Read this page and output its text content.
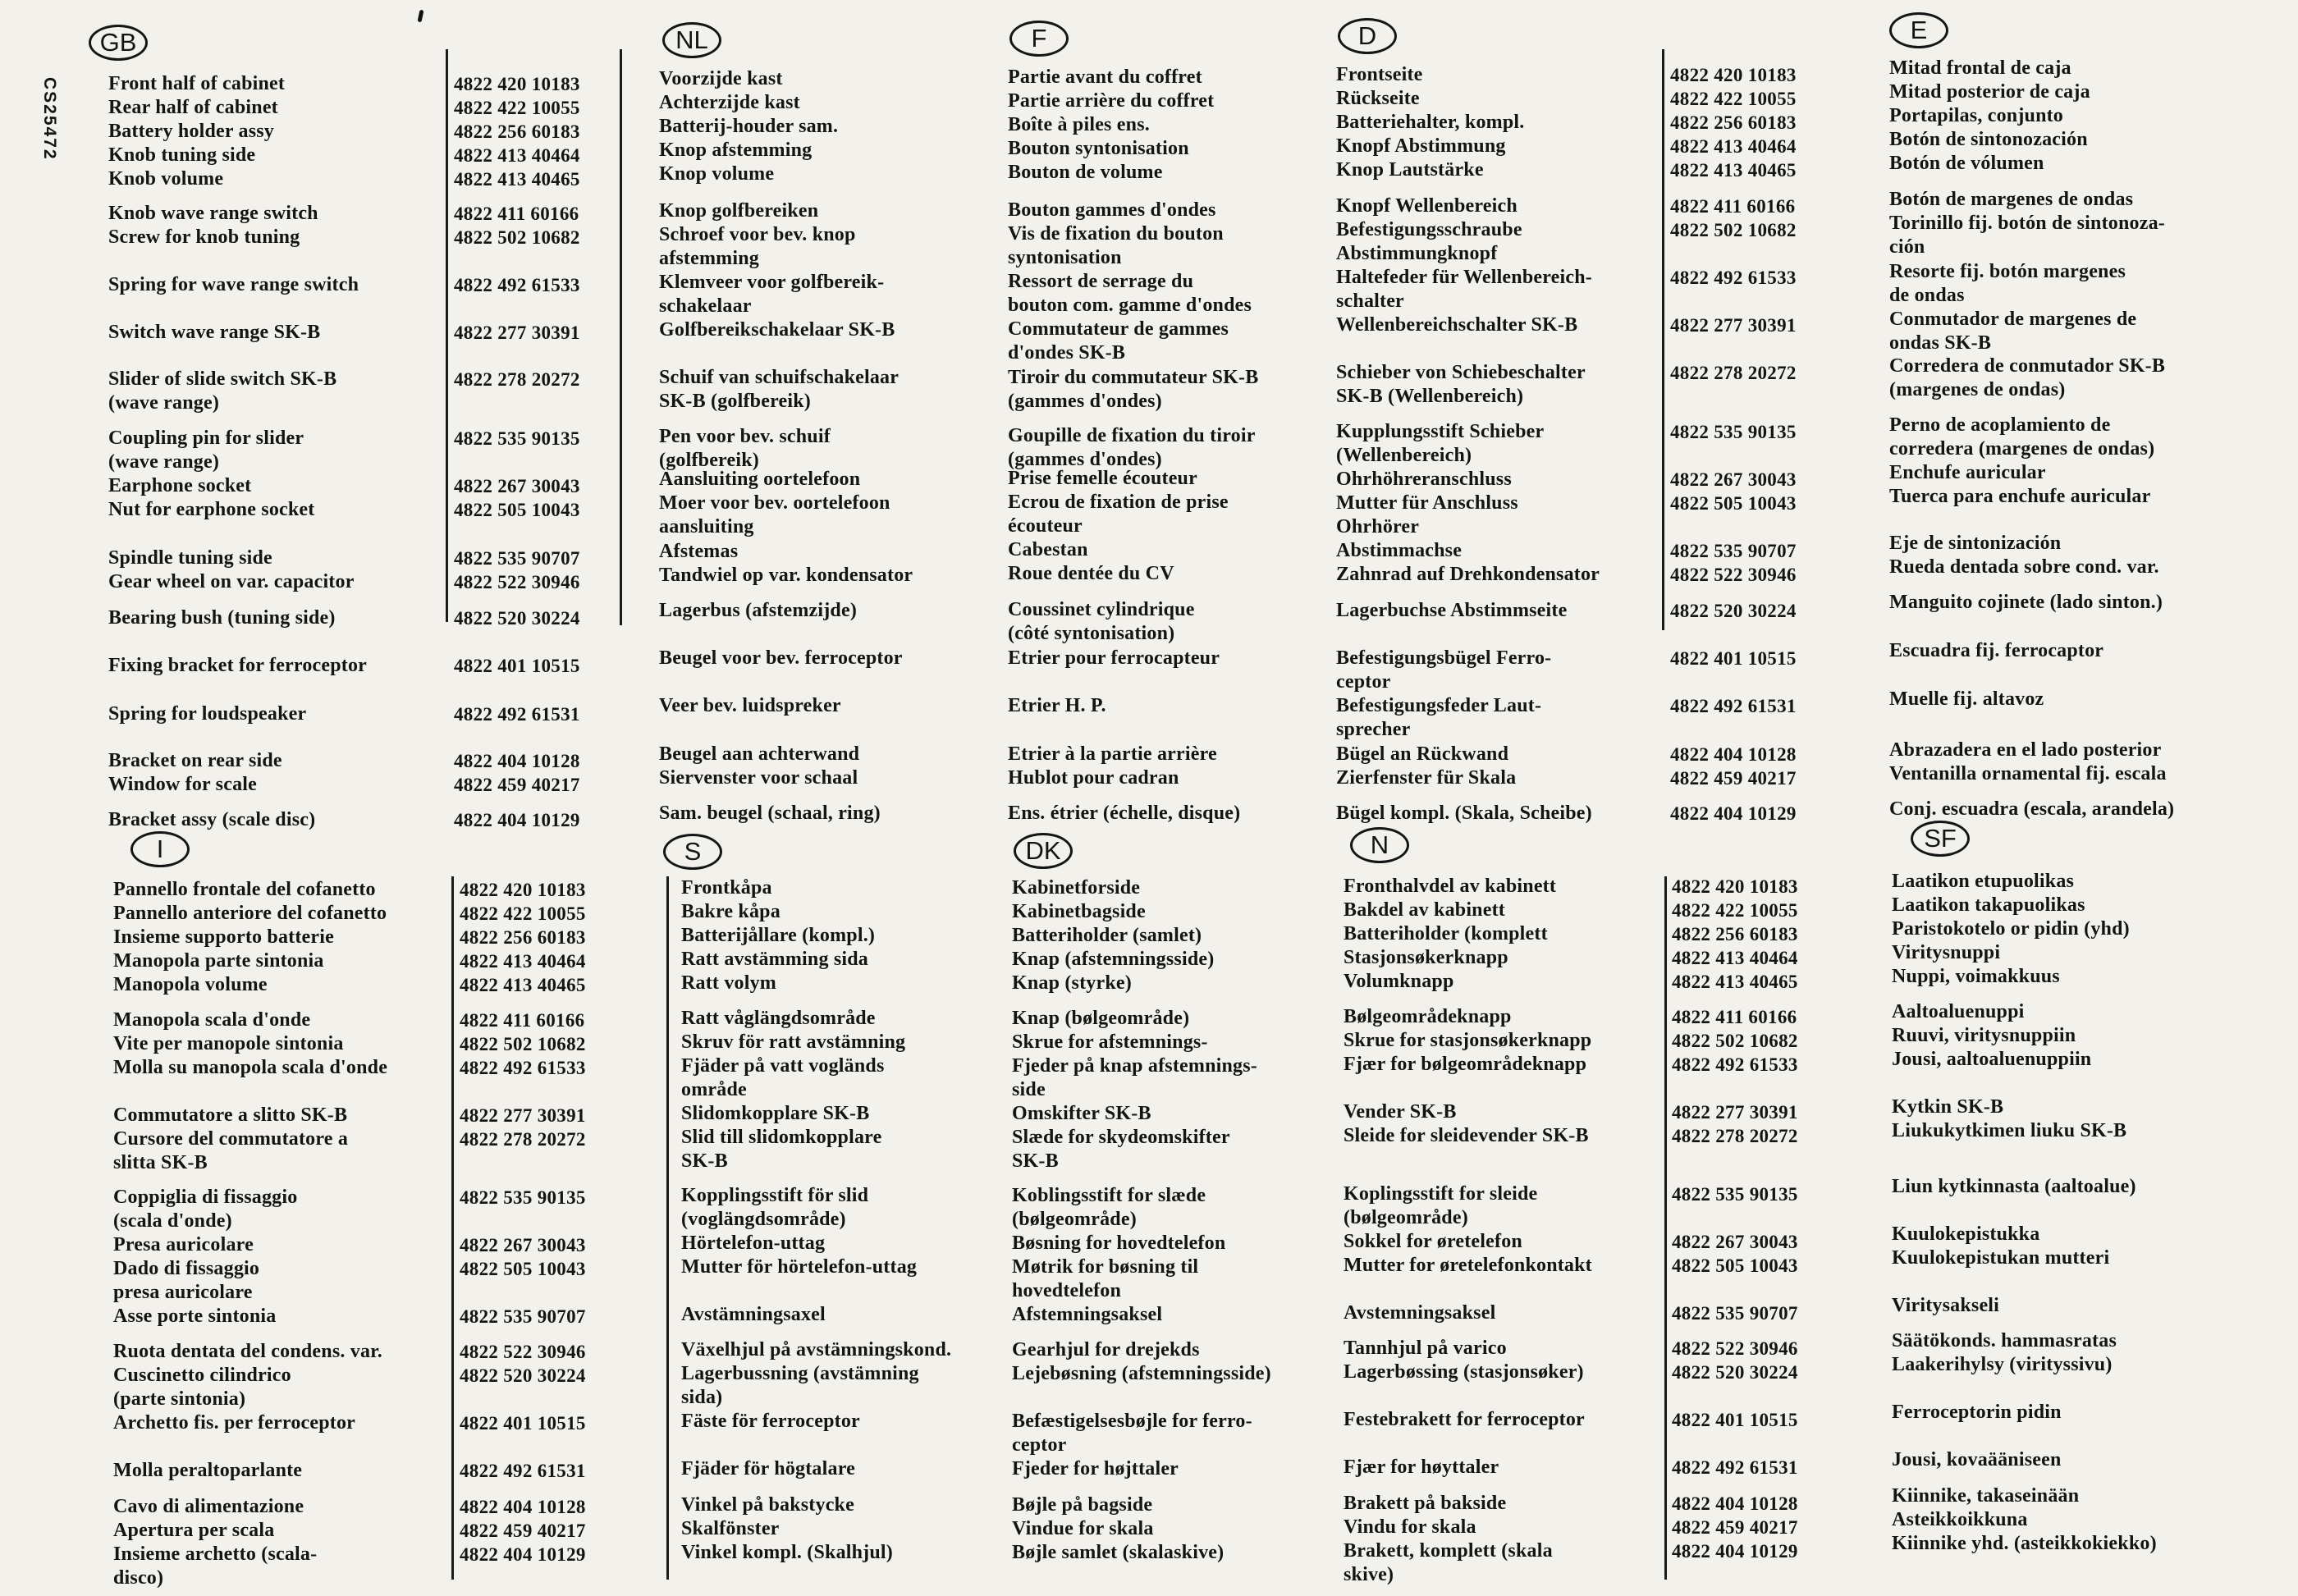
CS25472
GB
Front half of cabinet	4822 420 10183
Rear half of cabinet	4822 422 10055
Battery holder assy	4822 256 60183
Knob tuning side	4822 413 40464
Knob volume	4822 413 40465
Knob wave range switch	4822 411 60166
Screw for knob tuning	4822 502 10682
Spring for wave range switch	4822 492 61533
Switch wave range SK-B	4822 277 30391
Slider of slide switch SK-B
(wave range)
4822 278 20272
Coupling pin for slider
(wave range)
4822 535 90135
Earphone socket	4822 267 30043
Nut for earphone socket	4822 505 10043
Spindle tuning side	4822 535 90707
Gear wheel on var. capacitor	4822 522 30946
Bearing bush (tuning side)	4822 520 30224
Fixing bracket for ferroceptor	4822 401 10515
Spring for loudspeaker	4822 492 61531
Bracket on rear side	4822 404 10128
Window for scale	4822 459 40217
Bracket assy (scale disc)	4822 404 10129
NL
Voorzijde kast
Achterzijde kast
Batterij-houder sam.
Knop afstemming
Knop volume
Knop golfbereiken
Schroef voor bev. knop
afstemming
Klemveer voor golfbereik-
schakelaar
Golfbereikschakelaar SK-B
Schuif van schuifschakelaar
SK-B (golfbereik)
Pen voor bev. schuif
(golfbereik)
Aansluiting oortelefoon
Moer voor bev. oortelefoon
aansluiting
Afstemas
Tandwiel op var. kondensator
Lagerbus (afstemzijde)
Beugel voor bev. ferroceptor
Veer bev. luidspreker
Beugel aan achterwand
Siervenster voor schaal
Sam. beugel (schaal, ring)
F
Partie avant du coffret
Partie arrière du coffret
Boîte à piles ens.
Bouton syntonisation
Bouton de volume
Bouton gammes d'ondes
Vis de fixation du bouton
syntonisation
Ressort de serrage du
bouton com. gamme d'ondes
Commutateur de gammes
d'ondes SK-B
Tiroir du commutateur SK-B
(gammes d'ondes)
Goupille de fixation du tiroir
(gammes d'ondes)
Prise femelle écouteur
Ecrou de fixation de prise
écouteur
Cabestan
Roue dentée du CV
Coussinet cylindrique
(côté syntonisation)
Etrier pour ferrocapteur
Etrier H. P.
Etrier à la partie arrière
Hublot pour cadran
Ens. étrier (échelle, disque)
D
Frontseite	4822 420 10183
Rückseite	4822 422 10055
Batteriehalter, kompl.	4822 256 60183
Knopf Abstimmung	4822 413 40464
Knop Lautstärke	4822 413 40465
Knopf Wellenbereich	4822 411 60166
Befestigungsschraube
Abstimmungknopf
4822 502 10682
Haltefeder für Wellenbereich-
schalter
4822 492 61533
Wellenbereichschalter SK-B	4822 277 30391
Schieber von Schiebeschalter
SK-B (Wellenbereich)
4822 278 20272
Kupplungsstift Schieber
(Wellenbereich)
4822 535 90135
Ohrhöhreranschluss	4822 267 30043
Mutter für Anschluss
Ohrhörer
4822 505 10043
Abstimmachse	4822 535 90707
Zahnrad auf Drehkondensator	4822 522 30946
Lagerbuchse Abstimmseite	4822 520 30224
Befestigungsbügel Ferro-
ceptor
4822 401 10515
Befestigungsfeder Laut-
sprecher
4822 492 61531
Bügel an Rückwand	4822 404 10128
Zierfenster für Skala	4822 459 40217
Bügel kompl. (Skala, Scheibe)	4822 404 10129
E
Mitad frontal de caja
Mitad posterior de caja
Portapilas, conjunto
Botón de sintonozación
Botón de vólumen
Botón de margenes de ondas
Torinillo fij. botón de sintonoza-
ción
Resorte fij. botón margenes
de ondas
Conmutador de margenes de
ondas SK-B
Corredera de conmutador SK-B
(margenes de ondas)
Perno de acoplamiento de
corredera (margenes de ondas)
Enchufe auricular
Tuerca para enchufe auricular
Eje de sintonización
Rueda dentada sobre cond. var.
Manguito cojinete (lado sinton.)
Escuadra fij. ferrocaptor
Muelle fij. altavoz
Abrazadera en el lado posterior
Ventanilla ornamental fij. escala
Conj. escuadra (escala, arandela)
I
Pannello frontale del cofanetto	4822 420 10183
Pannello anteriore del cofanetto	4822 422 10055
Insieme supporto batterie	4822 256 60183
Manopola parte sintonia	4822 413 40464
Manopola volume	4822 413 40465
Manopola scala d'onde	4822 411 60166
Vite per manopole sintonia	4822 502 10682
Molla su manopola scala d'onde	4822 492 61533
Commutatore a slitto SK-B	4822 277 30391
Cursore del commutatore a
slitta SK-B
4822 278 20272
Coppiglia di fissaggio
(scala d'onde)
4822 535 90135
Presa auricolare	4822 267 30043
Dado di fissaggio
presa auricolare
4822 505 10043
Asse porte sintonia	4822 535 90707
Ruota dentata del condens. var.	4822 522 30946
Cuscinetto cilindrico
(parte sintonia)
4822 520 30224
Archetto fis. per ferroceptor	4822 401 10515
Molla peraltoparlante	4822 492 61531
Cavo di alimentazione	4822 404 10128
Apertura per scala	4822 459 40217
Insieme archetto (scala-
disco)
4822 404 10129
S
Frontkåpa
Bakre kåpa
Batterijållare (kompl.)
Ratt avstämming sida
Ratt volym
Ratt våglängdsområde
Skruv för ratt avstämning
Fjäder på vatt vogländs
område
Slidomkopplare SK-B
Slid till slidomkopplare
SK-B
Kopplingsstift för slid
(voglängdsområde)
Hörtelefon-uttag
Mutter för hörtelefon-uttag
Avstämningsaxel
Växelhjul på avstämningskond.
Lagerbussning (avstämning
sida)
Fäste för ferroceptor
Fjäder för högtalare
Vinkel på bakstycke
Skalfönster
Vinkel kompl. (Skalhjul)
DK
Kabinetforside
Kabinetbagside
Batteriholder (samlet)
Knap (afstemningsside)
Knap (styrke)
Knap (bølgeområde)
Skrue for afstemnings-
Fjeder på knap afstemnings-
side
Omskifter SK-B
Slæde for skydeomskifter
SK-B
Koblingsstift for slæde
(bølgeområde)
Bøsning for hovedtelefon
Møtrik for bøsning til
hovedtelefon
Afstemningsaksel
Gearhjul for drejekds
Lejebøsning (afstemningsside)
Befæstigelsesbøjle for ferro-
ceptor
Fjeder for højttaler
Bøjle på bagside
Vindue for skala
Bøjle samlet (skalaskive)
N
Fronthalvdel av kabinett	4822 420 10183
Bakdel av kabinett	4822 422 10055
Batteriholder (komplett	4822 256 60183
Stasjonsøkerknapp	4822 413 40464
Volumknapp	4822 413 40465
Bølgeområdeknapp	4822 411 60166
Skrue for stasjonsøkerknapp	4822 502 10682
Fjær for bølgeområdeknapp	4822 492 61533
Vender SK-B	4822 277 30391
Sleide for sleidevender SK-B	4822 278 20272
Koplingsstift for sleide
(bølgeområde)
4822 535 90135
Sokkel for øretelefon	4822 267 30043
Mutter for øretelefonkontakt	4822 505 10043
Avstemningsaksel	4822 535 90707
Tannhjul på varico	4822 522 30946
Lagerbøssing (stasjonsøker)	4822 520 30224
Festebrakett for ferroceptor	4822 401 10515
Fjær for høyttaler	4822 492 61531
Brakett på bakside	4822 404 10128
Vindu for skala	4822 459 40217
Brakett, komplett (skala
skive)
4822 404 10129
SF
Laatikon etupuolikas
Laatikon takapuolikas
Paristokotelo or pidin (yhd)
Viritysnuppi
Nuppi, voimakkuus
Aaltoaluenuppi
Ruuvi, viritysnuppiin
Jousi, aaltoaluenuppiin
Kytkin SK-B
Liukukytkimen liuku SK-B
Liun kytkinnasta (aaltoalue)
Kuulokepistukka
Kuulokepistukan mutteri
Viritysakseli
Säätökonds. hammasratas
Laakerihylsy (virityssivu)
Ferroceptorin pidin
Jousi, kovaääniseen
Kiinnike, takaseinään
Asteikkoikkuna
Kiinnike yhd. (asteikkokiekko)
